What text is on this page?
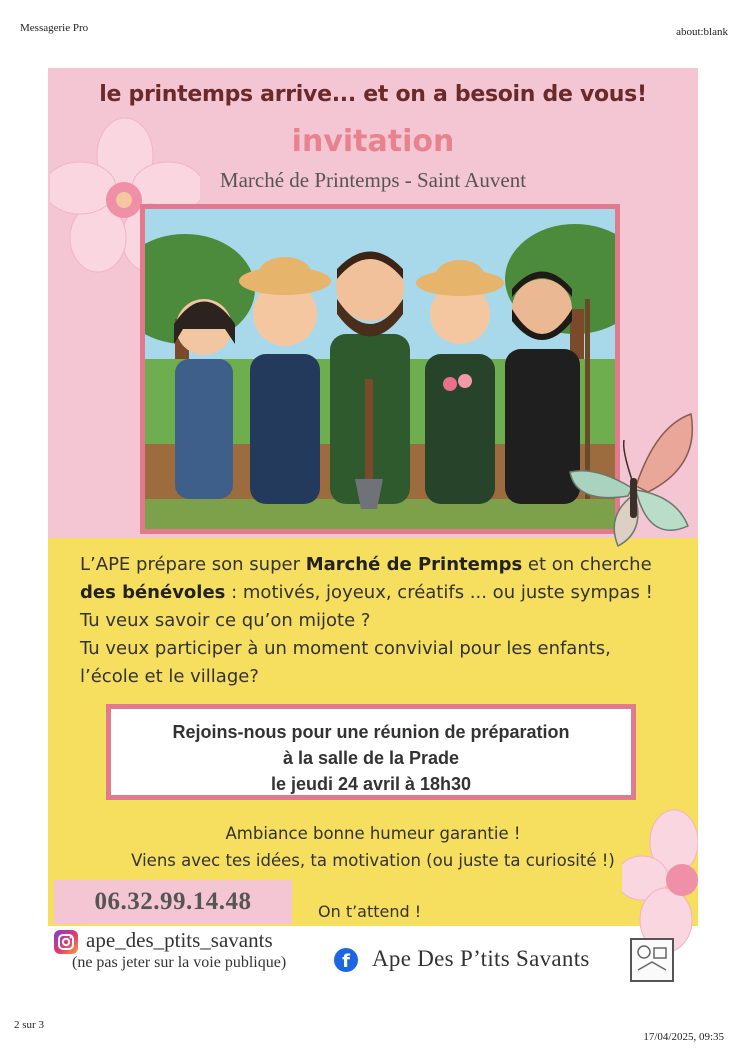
Messagerie Pro	about:blank
le printemps arrive... et on a besoin de vous!
invitation
Marché de Printemps - Saint Auvent
L’APE prépare son super Marché de Printemps et on cherche
des bénévoles : motivés, joyeux, créatifs ... ou juste sympas !
Tu veux savoir ce qu’on mijote ?
Tu veux participer à un moment convivial pour les enfants,
l’école et le village?
Rejoins-nous pour une réunion de préparation
à la salle de la Prade
le jeudi 24 avril à 18h30
Ambiance bonne humeur garantie !
Viens avec tes idées, ta motivation (ou juste ta curiosité !)
06.32.99.14.48	On t’attend !
ape_des_ptits_savants
(ne pas jeter sur la voie publique)	f Ape Des P’tits Savants
2 sur 3
17/04/2025, 09:35
